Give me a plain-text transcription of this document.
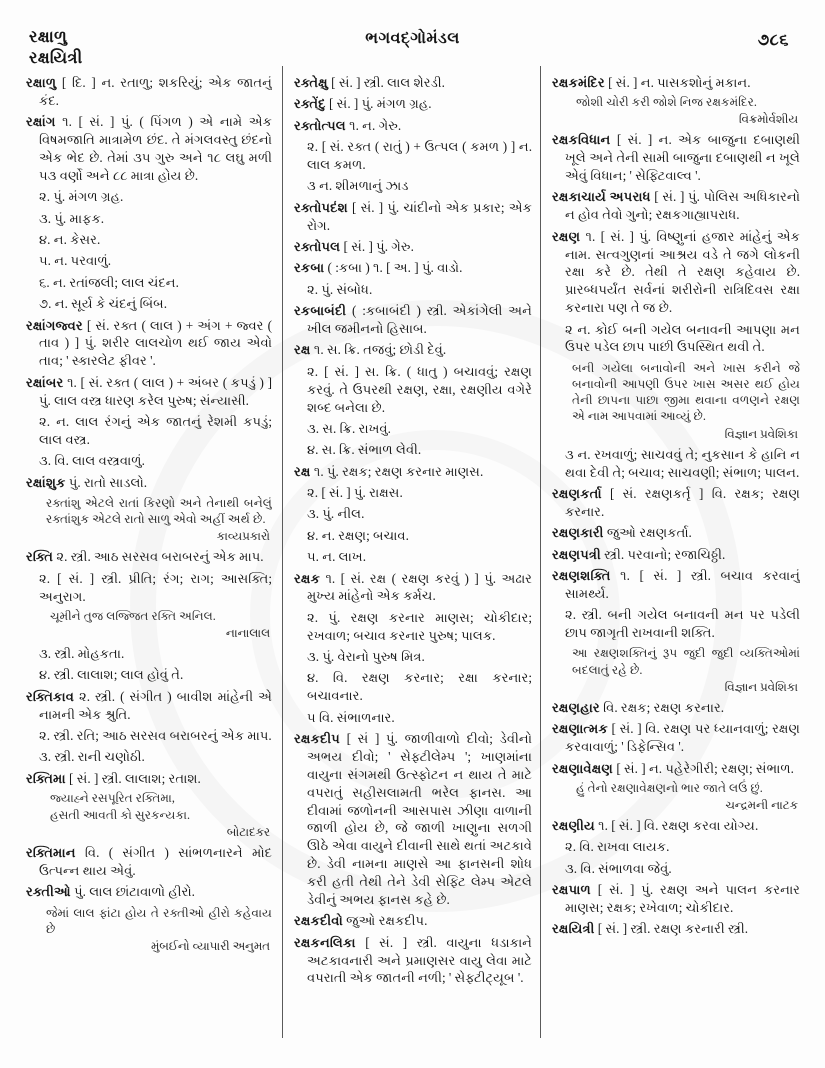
રક્ષાળુ
રક્ષયિત્રી
ભગવદ્ગોમંડલ	૭૮૬

રક્ષાળુ [ દિ. ] ન. રતાળુ; શકરિયું; એક જાતનું કંદ.

રક્ષાંગ ૧. [ સં. ] પું. ( પિંગળ ) એ નામે એક વિષમજાતિ માત્રામેળ છંદ. તે મંગલવસ્તુ છંદનો એક ભેદ છે. તેમાં ૩૫ ગુરુ અને ૧૮ લઘુ મળી ૫૩ વર્ણો અને ૮૮ માત્રા હોય છે.

૨. પું. મંગળ ગ્રહ.

૩. પું. માફક.

૪. ન. કેસર.

૫. ન. પરવાળું.

૬. ન. રતાંજલી; લાલ ચંદન.

૭. ન. સૂર્ય કે ચંદનું બિંબ.

રક્ષાંગજ્વર [ સં. રક્ત ( લાલ ) + અંગ + જ્વર ( તાવ ) ] પું. શરીર લાલચોળ થઈ જાય એવો તાવ; ' સ્કારલેટ ફીવર '.

રક્ષાંબર ૧. [ સં. રક્ત ( લાલ ) + અંબર ( કપડું ) ] પું. લાલ વસ્ત્ર ધારણ કરેલ પુરુષ; સંન્યાસી.

૨. ન. લાલ રંગનું એક જાતનું રેશમી કપડું; લાલ વસ્ત્ર.

૩. વિ. લાલ વસ્ત્રવાળું.

રક્ષાંશુક પું. રાતો સાડલો.

રક્તાંશુ એટલે રાતાં કિરણો અને તેનાથી બનેલું રક્તાંશુક એટલે રાતો સાળુ એવો અહીં અર્થ છે.

કાવ્યપ્રકારો

રક્તિ ૨. સ્ત્રી. આઠ સરસવ બરાબરનું એક માપ.

૨. [ સં. ] સ્ત્રી. પ્રીતિ; રંગ; રાગ; આસક્તિ; અનુરાગ.

ચૂમીને તુજ લજ્જિત રક્તિ અનિલ.

નાનાલાલ

૩. સ્ત્રી. મોહકતા.

૪. સ્ત્રી. લાલાશ; લાલ હોવું તે.

રક્તિકાવ ૨. સ્ત્રી. ( સંગીત ) બાવીશ માંહેની એ નામની એક શ્રુતિ.

૨. સ્ત્રી. રતિ; આઠ સરસવ બરાબરનું એક માપ.

૩. સ્ત્રી. રાની ચણોઠી.

રક્તિમા [ સં. ] સ્ત્રી. લાલાશ; રતાશ.

જ્યાહ્ને રસપૂરિત રક્તિમા,

હસતી આવતી કો સુરકન્યકા.

બોટાદકર

રક્તિમાન વિ. ( સંગીત ) સાંભળનારને મોદ ઉત્પન્ન થાય એવું.

રક્તીઓ પું. લાલ છાંટાવાળો હીરો.

જેમાં લાલ ફાંટા હોય તે રક્તીઓ હીરો કહેવાય છે

મુંબઈનો વ્યાપારી અનુમત

રક્તેક્ષુ [ સં. ] સ્ત્રી. લાલ શેરડી.

રક્તેંદુ [ સં. ] પું. મંગળ ગ્રહ.

રક્તોત્પલ ૧. ન. ગેરુ.

૨. [ સં. રક્ત ( રાતું ) + ઉત્પલ ( કમળ ) ] ન. લાલ કમળ.

૩ ન. શીમળાનું ઝાડ

રક્તોપદંશ [ સં. ] પું. ચાંદીનો એક પ્રકાર; એક રોગ.

રક્તોપલ [ સં. ] પું. ગેરુ.

રકબા ( :કબા ) ૧. [ અ. ] પું. વાડો.

૨. પું. સંબોધ.

રકબાબંદી ( :કબાબંદી ) સ્ત્રી. એકાંગેલી અને ખીલ જમીનનો હિસાબ.

રક્ષ ૧. સ. ક્રિ. તજવું; છોડી દેવું.

૨. [ સં. ] સ. ક્રિ. ( ધાતુ ) બચાવવું; રક્ષણ કરવું. તે ઉપરથી રક્ષણ, રક્ષા, રક્ષણીય વગેરે શબ્દ બનેલા છે.

૩. સ. ક્રિ. રાખવું.

૪. સ. ક્રિ. સંભાળ લેવી.

રક્ષ ૧. પું. રક્ષક; રક્ષણ કરનાર માણસ.

૨. [ સં. ] પું. રાક્ષસ.

૩. પું. નીલ.

૪. ન. રક્ષણ; બચાવ.

૫. ન. લાખ.

રક્ષક ૧. [ સં. રક્ષ ( રક્ષણ કરવું ) ] પું. અઢાર મુખ્ય માંહેનો એક કર્મચ.

૨. પું. રક્ષણ કરનાર માણસ; ચોકીદાર; રખવાળ; બચાવ કરનાર પુરુષ; પાલક.

૩. પું. વેરાનો પુરુષ મિત્ર.

૪. વિ. રક્ષણ કરનાર; રક્ષા કરનાર; બચાવનાર.

૫ વિ. સંભાળનાર.

રક્ષકદીપ [ સં ] પું. જાળીવાળો દીવો; ડેવીનો અભય દીવો; ' સેફ્ટીલેમ્પ '; ખાણમાંના વાયુના સંગમથી ઉત્સ્ફોટન ન થાય તે માટે વપરાતું સહીસલામતી ભરેલ ફાનસ. આ દીવામાં જળોનની આસપાસ ઝીણા વાળાની જાળી હોય છે, જે જાળી ખાણુના સળગી ઊઠે એવા વાયુને દીવાની સાથે થતાં અટકાવે છે. ડેવી નામના માણસે આ ફાનસની શોધ કરી હતી તેથી તેને ડેવી સેફ્ટિ લેમ્પ એટલે ડેવીનું અભય ફાનસ કહે છે.

રક્ષકદીવો જુઓ રક્ષકદીપ.

રક્ષકનલિકા [ સં. ] સ્ત્રી. વાયુના ધડાકાને અટકાવનારી અને પ્રમાણસર વાયુ લેવા માટે વપરાતી એક જાતની નળી; ' સેફ્ટીટ્યૂબ '.

રક્ષકમંદિર [ સં. ] ન. પાસકશોનું મકાન.

જોશી ચોરી કરી જોશે નિજ રક્ષકમંદિર.

વિક્રમોર્વશીય

રક્ષકવિધાન [ સં. ] ન. એક બાજુના દબાણથી ખૂલે અને તેની સામી બાજુના દબાણથી ન ખૂલે એવું વિધાન; ' સેફ્ટિવાલ્વ '.

રક્ષકાચાર્ય અપરાધ [ સં. ] પું. પોલિસ અધિકારનો ન હોવ તેવો ગુનો; રક્ષકગાહ્યાપરાધ.

રક્ષણ ૧. [ સં. ] પું. વિષ્ણુનાં હજાર માંહેનું એક નામ. સત્વગુણનાં આશ્રય વડે તે જગે લોકની રક્ષા કરે છે. તેથી તે રક્ષણ કહેવાય છે. પ્રારબ્ધપર્યંત સર્વનાં શરીરોની રાત્રિદિવસ રક્ષા કરનારા પણ તે જ છે.

૨ ન. કોઈ બની ગયેલ બનાવની આપણા મન ઉપર પડેલ છાપ પાછી ઉપસ્થિત થવી તે.

બની ગયેલા બનાવોની અને ખાસ કરીને જે બનાવોની આપણી ઉપર ખાસ અસર થઈ હોય તેની છાપના પાછા જીમા થવાના વળણને રક્ષણ એ નામ આપવામાં આવ્યું છે.

વિજ્ઞાન પ્રવેશિકા

૩ ન. રખવાળું; સાચવવું તે; નુકસાન કે હાનિ ન થવા દેવી તે; બચાવ; સાચવણી; સંભાળ; પાલન.

રક્ષણકર્તા [ સં. રક્ષણકર્તૃ ] વિ. રક્ષક; રક્ષણ કરનાર.

રક્ષણકારી જુઓ રક્ષણકર્તા.

રક્ષણપત્રી સ્ત્રી. પરવાનો; રજાચિઠ્ઠી.

રક્ષણશક્તિ ૧. [ સં. ] સ્ત્રી. બચાવ કરવાનું સામર્થ્ય.

૨. સ્ત્રી. બની ગયેલ બનાવની મન પર પડેલી છાપ જાગૃતી રાખવાની શક્તિ.

આ રક્ષણશક્તિનું રૂપ જુદી જુદી વ્યક્તિઓમાં બદલાતું રહે છે.

વિજ્ઞાન પ્રવેશિકા

રક્ષણહાર વિ. રક્ષક; રક્ષણ કરનાર.

રક્ષણાત્મક [ સં. ] વિ. રક્ષણ પર ધ્યાનવાળું; રક્ષણ કરવાવાળું; ' ડિફેન્સિવ '.

રક્ષણાવેક્ષણ [ સં. ] ન. પહેરેગીરી; રક્ષણ; સંભાળ.

હું તેનો રક્ષણાવેક્ષણનો ભાર જાતે લઉં છું.

ચન્દ્રમની નાટક

રક્ષણીય ૧. [ સં. ] વિ. રક્ષણ કરવા યોગ્ય.

૨. વિ. રાખવા લાયક.

૩. વિ. સંભાળવા જેવું.

રક્ષપાળ [ સં. ] પું. રક્ષણ અને પાલન કરનાર માણસ; રક્ષક; રખેવાળ; ચોકીદાર.

રક્ષયિત્રી [ સં. ] સ્ત્રી. રક્ષણ કરનારી સ્ત્રી.
